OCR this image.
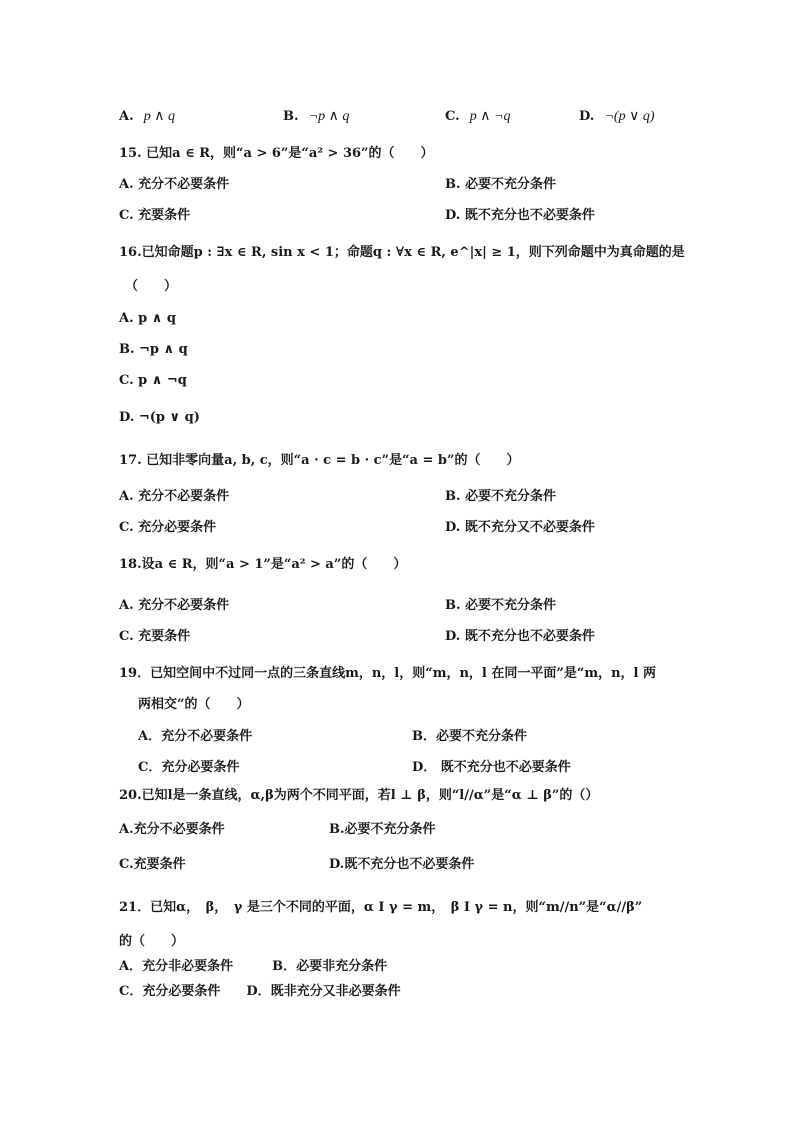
A. p ∧ q	B. ¬p ∧ q	C. p ∧ ¬q	D. ¬(p ∨ q)
15. 已知a ∈ R，则“a > 6”是“a² > 36”的（　　）
A. 充分不必要条件	B. 必要不充分条件
C. 充要条件	D. 既不充分也不必要条件
16.已知命题p : ∃x ∈ R, sin x < 1；命题q : ∀x ∈ R, e^|x| ≥ 1，则下列命题中为真命题的是
（　　）
A. p ∧ q
B. ¬p ∧ q
C. p ∧ ¬q
D. ¬(p ∨ q)
17. 已知非零向量a, b, c，则“a · c = b · c”是“a = b”的（　　）
A. 充分不必要条件	B. 必要不充分条件
C. 充分必要条件	D. 既不充分又不必要条件
18.设a ∈ R，则“a > 1”是“a² > a”的（　　）
A. 充分不必要条件	B. 必要不充分条件
C. 充要条件	D. 既不充分也不必要条件
19．已知空间中不过同一点的三条直线m，n，l，则“m，n，l 在同一平面”是“m，n，l 两
两相交”的（　　）
A．充分不必要条件	B．必要不充分条件
C．充分必要条件	D． 既不充分也不必要条件
20.已知l是一条直线，α,β为两个不同平面，若l ⊥ β，则“l//α”是“α ⊥ β”的（）
A.充分不必要条件	B.必要不充分条件
C.充要条件	D.既不充分也不必要条件
21．已知α，　β，　γ 是三个不同的平面，α Ι γ = m，　β Ι γ = n，则“m//n”是“α//β”
的（　　）
A．充分非必要条件　　　B．必要非充分条件
C．充分必要条件　　D．既非充分又非必要条件
